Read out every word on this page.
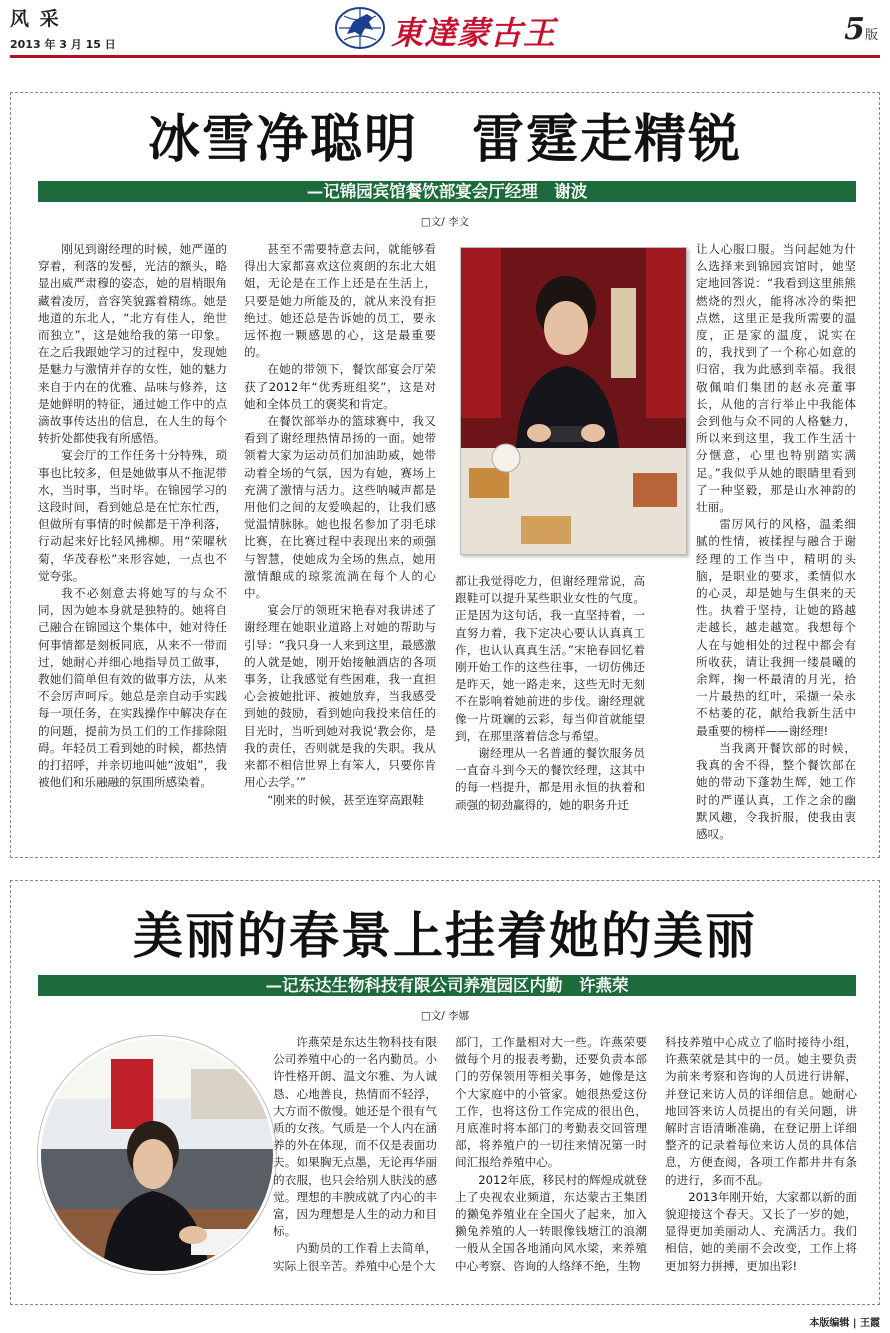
风 采
2013 年 3 月 15 日	東達蒙古王	5版
冰雪净聪明　雷霆走精锐
—记锦园宾馆餐饮部宴会厅经理　谢波
□文/ 李文

刚见到谢经理的时候，她严谨的穿着，利落的发髻，光洁的额头，略显出威严肃穆的姿态，她的眉梢眼角藏着凌厉，音容笑貌露着精练。她是地道的东北人，“北方有佳人，绝世而独立”，这是她给我的第一印象。在之后我跟她学习的过程中，发现她是魅力与激情并存的女性，她的魅力来自于内在的优雅、品味与修养，这是她鲜明的特征，通过她工作中的点滴故事传达出的信息，在人生的每个转折处都使我有所感悟。

宴会厅的工作任务十分特殊，琐事也比较多，但是她做事从不拖泥带水，当时事，当时毕。在锦园学习的这段时间，看到她总是在忙东忙西，但做所有事情的时候都是干净利落，行动起来好比轻风拂柳。用“荣曜秋菊，华茂春松”来形容她，一点也不觉夸张。

我不必刻意去将她写的与众不同，因为她本身就是独特的。她将自己融合在锦园这个集体中，她对待任何事情都是刻板同底，从来不一带而过，她耐心并细心地指导员工做事，教她们简单但有效的做事方法，从来不会厉声呵斥。她总是亲自动手实践每一项任务，在实践操作中解决存在的问题，提前为员工们的工作排除阻碍。年轻员工看到她的时候，都热情的打招呼，并亲切地叫她“波姐”，我被他们和乐融融的氛围所感染着。

甚至不需要特意去问，就能够看得出大家都喜欢这位爽朗的东北大姐姐，无论是在工作上还是在生活上，只要是她力所能及的，就从来没有拒绝过。她还总是告诉她的员工，要永远怀抱一颗感恩的心，这是最重要的。

在她的带领下，餐饮部宴会厅荣获了2012年“优秀班组奖”，这是对她和全体员工的褒奖和肯定。

在餐饮部举办的篮球赛中，我又看到了谢经理热情昂扬的一面。她带领着大家为运动员们加油助威，她带动着全场的气氛，因为有她，赛场上充满了激情与活力。这些呐喊声都是用他们之间的友爱唤起的，让我们感觉温情脉脉。她也报名参加了羽毛球比赛，在比赛过程中表现出来的顽强与智慧，使她成为全场的焦点，她用激情酿成的琼浆流淌在每个人的心中。

宴会厅的领班宋艳春对我讲述了谢经理在她职业道路上对她的帮助与引导：“我只身一人来到这里，最感激的人就是她，刚开始接触酒店的各项事务，让我感觉有些困难，我一直担心会被她批评、被她放弃，当我感受到她的鼓励，看到她向我投来信任的目光时，当听到她对我说‘教会你，是我的责任，否则就是我的失职。我从来都不相信世界上有笨人，只要你肯用心去学。’”

“刚来的时候，甚至连穿高跟鞋

都让我觉得吃力，但谢经理常说，高跟鞋可以提升某些职业女性的气度。正是因为这句话，我一直坚持着，一直努力着，我下定决心要认认真真工作，也认认真真生活。”宋艳春回忆着刚开始工作的这些往事，一切仿佛还是昨天，她一路走来，这些无时无刻不在影响着她前进的步伐。谢经理就像一片斑斓的云彩，每当仰首就能望到，在那里落着信念与希望。

谢经理从一名普通的餐饮服务员一直奋斗到今天的餐饮经理，这其中的每一档提升，都是用永恒的执着和顽强的韧劲赢得的，她的职务升迁

让人心服口服。当问起她为什么选择来到锦园宾馆时，她坚定地回答说：“我看到这里熊熊燃烧的烈火，能将冰冷的柴把点燃，这里正是我所需要的温度，正是家的温度，说实在的，我找到了一个称心如意的归宿，我为此感到幸福。我很敬佩咱们集团的赵永亮董事长，从他的言行举止中我能体会到他与众不同的人格魅力，所以来到这里，我工作生活十分惬意，心里也特别踏实满足。”我似乎从她的眼睛里看到了一种坚毅，那是山水神韵的壮丽。

雷厉风行的风格，温柔细腻的性情，被揉捏与融合于谢经理的工作当中，精明的头脑，是职业的要求，柔情似水的心灵，却是她与生俱来的天性。执着于坚持，让她的路越走越长，越走越宽。我想每个人在与她相处的过程中都会有所收获，请让我拥一缕晨曦的余辉，掬一杯最清的月光，拾一片最热的红叶，采撷一朵永不枯萎的花，献给我新生活中最重要的榜样——谢经理!

当我离开餐饮部的时候，我真的舍不得，整个餐饮部在她的带动下蓬勃生辉，她工作时的严谨认真，工作之余的幽默风趣，令我折服，使我由衷感叹。

美丽的春景上挂着她的美丽
—记东达生物科技有限公司养殖园区内勤　许燕荣
□文/ 李娜

许燕荣是东达生物科技有限公司养殖中心的一名内勤员。小许性格开朗、温文尔雅、为人诚恳、心地善良，热情而不轻浮，大方而不傲慢。她还是个很有气质的女孩。气质是一个人内在涵养的外在体现，而不仅是表面功夫。如果胸无点墨，无论再华丽的衣服，也只会给别人肤浅的感觉。理想的丰腴成就了内心的丰富，因为理想是人生的动力和目标。

内勤员的工作看上去简单，实际上很辛苦。养殖中心是个大

部门，工作量相对大一些。许燕荣要做每个月的报表考勤，还要负责本部门的劳保领用等相关事务，她像是这个大家庭中的小管家。她很热爱这份工作，也将这份工作完成的很出色，月底准时将本部门的考勤表交回管理部，将养殖户的一切往来情况第一时间汇报给养殖中心。

2012年底，移民村的辉煌成就登上了央视农业频道，东达蒙古王集团的獭兔养殖业在全国火了起来，加入獭兔养殖的人一转眼像钱塘江的浪潮一般从全国各地涌向风水梁，来养殖中心考察、咨询的人络绎不绝，生物

科技养殖中心成立了临时接待小组，许燕荣就是其中的一员。她主要负责为前来考察和咨询的人员进行讲解，并登记来访人员的详细信息。她耐心地回答来访人员提出的有关问题，讲解时言语清晰准确，在登记册上详细整齐的记录着每位来访人员的具体信息，方便查阅，各项工作都井井有条的进行，多而不乱。

2013年刚开始，大家都以新的面貌迎接这个春天。又长了一岁的她，显得更加美丽动人、充满活力。我们相信，她的美丽不会改变，工作上将更加努力拼搏，更加出彩!

本版编辑 | 王霞
